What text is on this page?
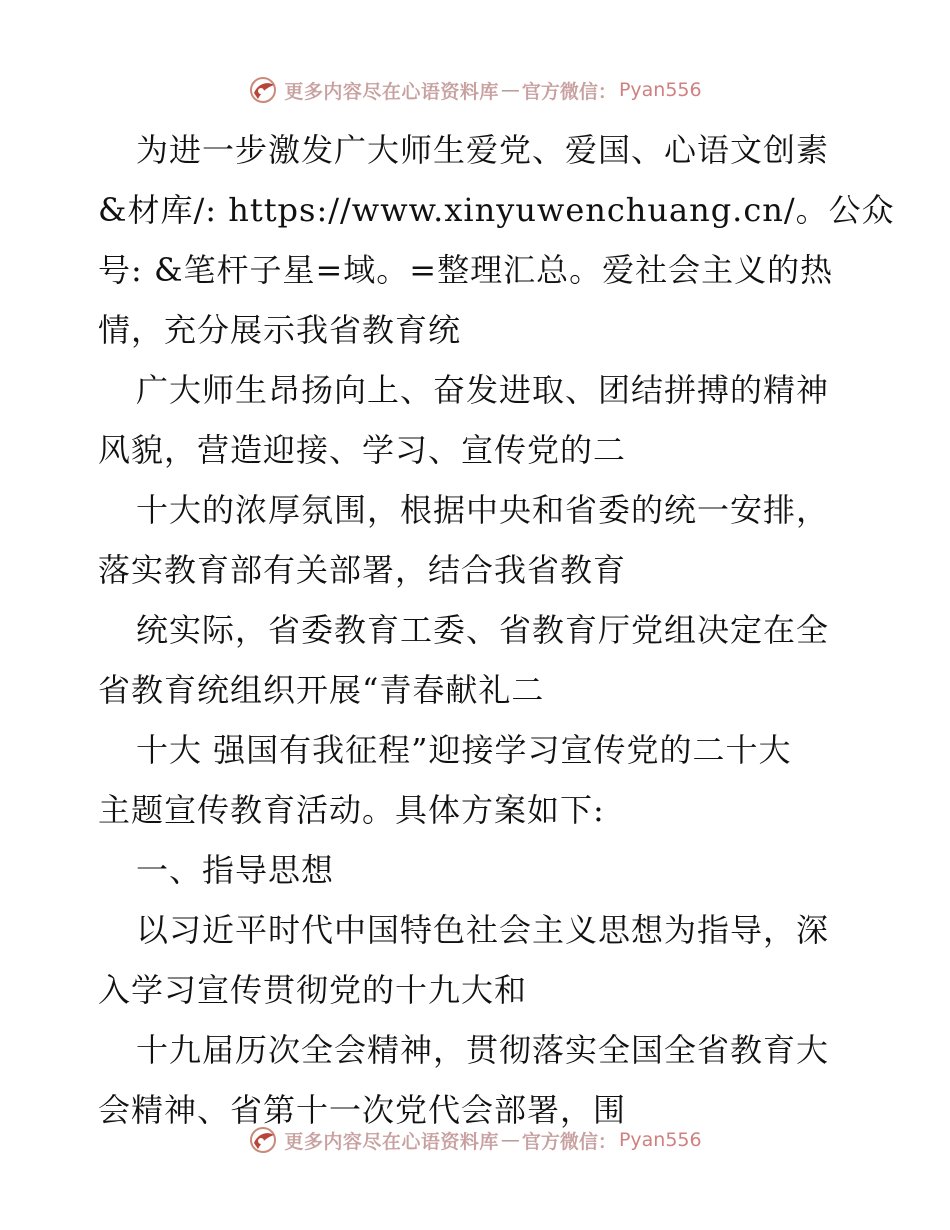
更多内容尽在心语资料库 — 官方微信： Pyan556
为进一步激发广大师生爱党、爱国、心语文创素
&材库/: https://www.xinyuwenchuang.cn/。公众
号: &笔杆子星=域。=整理汇总。爱社会主义的热
情，充分展示我省教育统
广大师生昂扬向上、奋发进取、团结拼搏的精神
风貌，营造迎接、学习、宣传党的二
十大的浓厚氛围，根据中央和省委的统一安排，
落实教育部有关部署，结合我省教育
统实际，省委教育工委、省教育厅党组决定在全
省教育统组织开展“青春献礼二
十大 强国有我征程”迎接学习宣传党的二十大
主题宣传教育活动。具体方案如下:
一、指导思想
以习近平时代中国特色社会主义思想为指导，深
入学习宣传贯彻党的十九大和
十九届历次全会精神，贯彻落实全国全省教育大
会精神、省第十一次党代会部署，围
更多内容尽在心语资料库 — 官方微信： Pyan556
